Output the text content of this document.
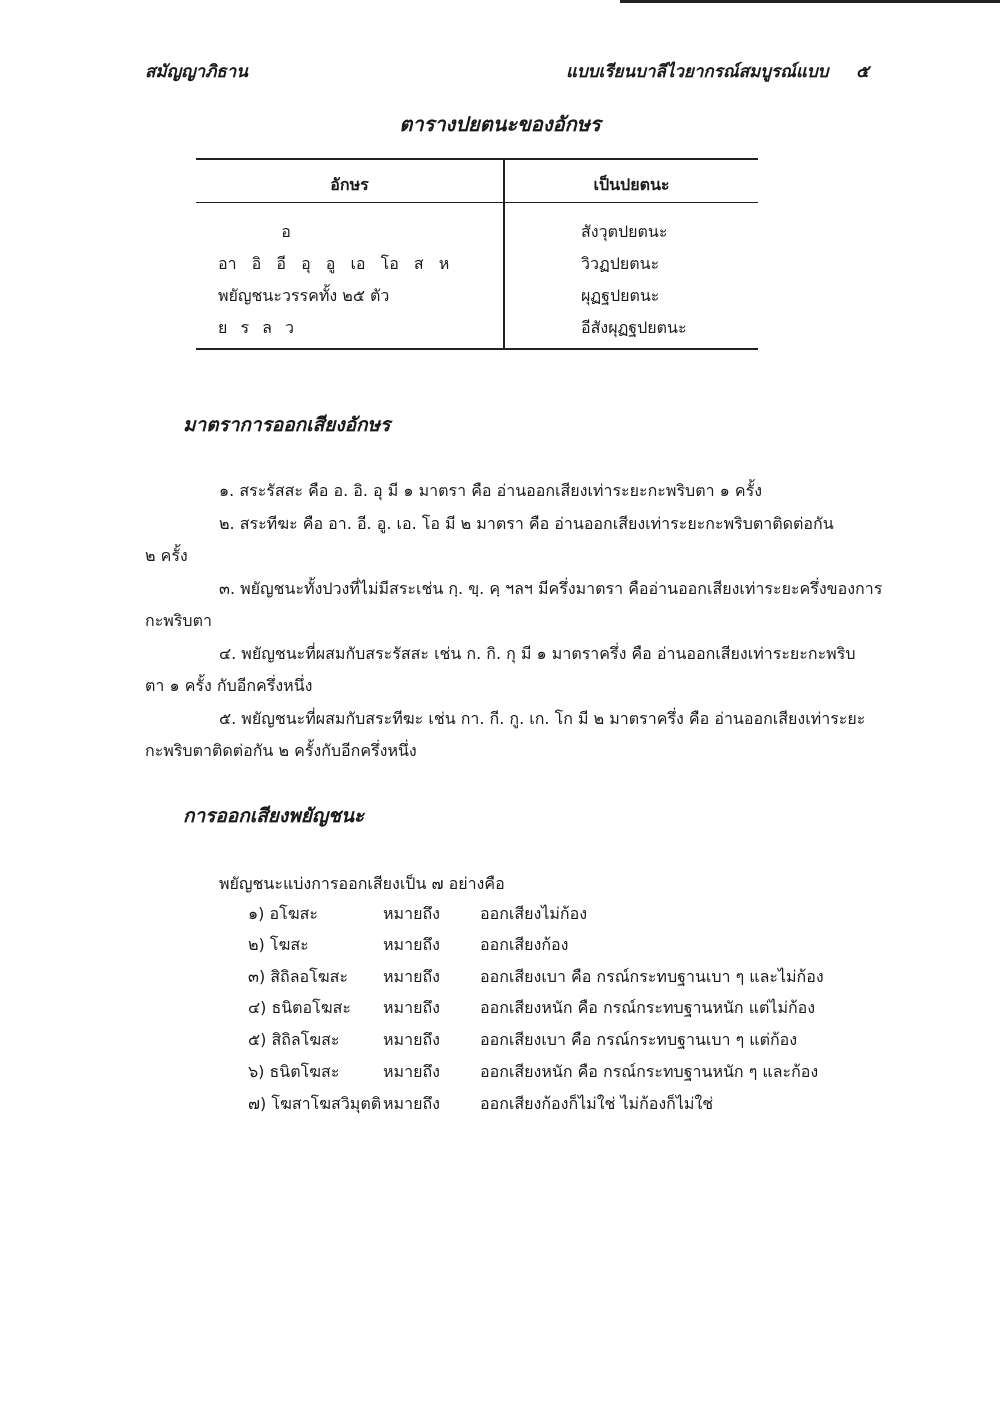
สมัญญาภิธาน	แบบเรียนบาลีไวยากรณ์สมบูรณ์แบบ ๕
ตารางปยตนะของอักษร
อักษร	เป็นปยตนะ
อ	สังวุตปยตนะ
อา อิ อี อุ อู เอ โอ ส ห	วิวฏปยตนะ
พยัญชนะวรรคทั้ง ๒๕ ตัว	ผุฏฐปยตนะ
ย ร ล ว	อีสังผุฏฐปยตนะ
มาตราการออกเสียงอักษร
๑. สระรัสสะ คือ อ. อิ. อุ มี ๑ มาตรา คือ อ่านออกเสียงเท่าระยะกะพริบตา ๑ ครั้ง
๒. สระทีฆะ คือ อา. อี. อู. เอ. โอ มี ๒ มาตรา คือ อ่านออกเสียงเท่าระยะกะพริบตาติดต่อกัน
๒ ครั้ง
๓. พยัญชนะทั้งปวงที่ไม่มีสระเช่น กฺ. ขฺ. คฺ ฯลฯ มีครึ่งมาตรา คืออ่านออกเสียงเท่าระยะครึ่งของการ
กะพริบตา
๔. พยัญชนะที่ผสมกับสระรัสสะ เช่น ก. กิ. กุ มี ๑ มาตราครึ่ง คือ อ่านออกเสียงเท่าระยะกะพริบ
ตา ๑ ครั้ง กับอีกครึ่งหนึ่ง
๕. พยัญชนะที่ผสมกับสระทีฆะ เช่น กา. กี. กู. เก. โก มี ๒ มาตราครึ่ง คือ อ่านออกเสียงเท่าระยะ
กะพริบตาติดต่อกัน ๒ ครั้งกับอีกครึ่งหนึ่ง
การออกเสียงพยัญชนะ
พยัญชนะแบ่งการออกเสียงเป็น ๗ อย่างคือ
๑) อโฆสะ	หมายถึง	ออกเสียงไม่ก้อง
๒) โฆสะ	หมายถึง	ออกเสียงก้อง
๓) สิถิลอโฆสะ หมายถึง	ออกเสียงเบา คือ กรณ์กระทบฐานเบา ๆ และไม่ก้อง
๔) ธนิตอโฆสะ หมายถึง	ออกเสียงหนัก คือ กรณ์กระทบฐานหนัก แต่ไม่ก้อง
๕) สิถิลโฆสะ	หมายถึง	ออกเสียงเบา คือ กรณ์กระทบฐานเบา ๆ แต่ก้อง
๖) ธนิตโฆสะ	หมายถึง	ออกเสียงหนัก คือ กรณ์กระทบฐานหนัก ๆ และก้อง
๗) โฆสาโฆสวิมุตติ หมายถึง	ออกเสียงก้องก็ไม่ใช่ ไม่ก้องก็ไม่ใช่
